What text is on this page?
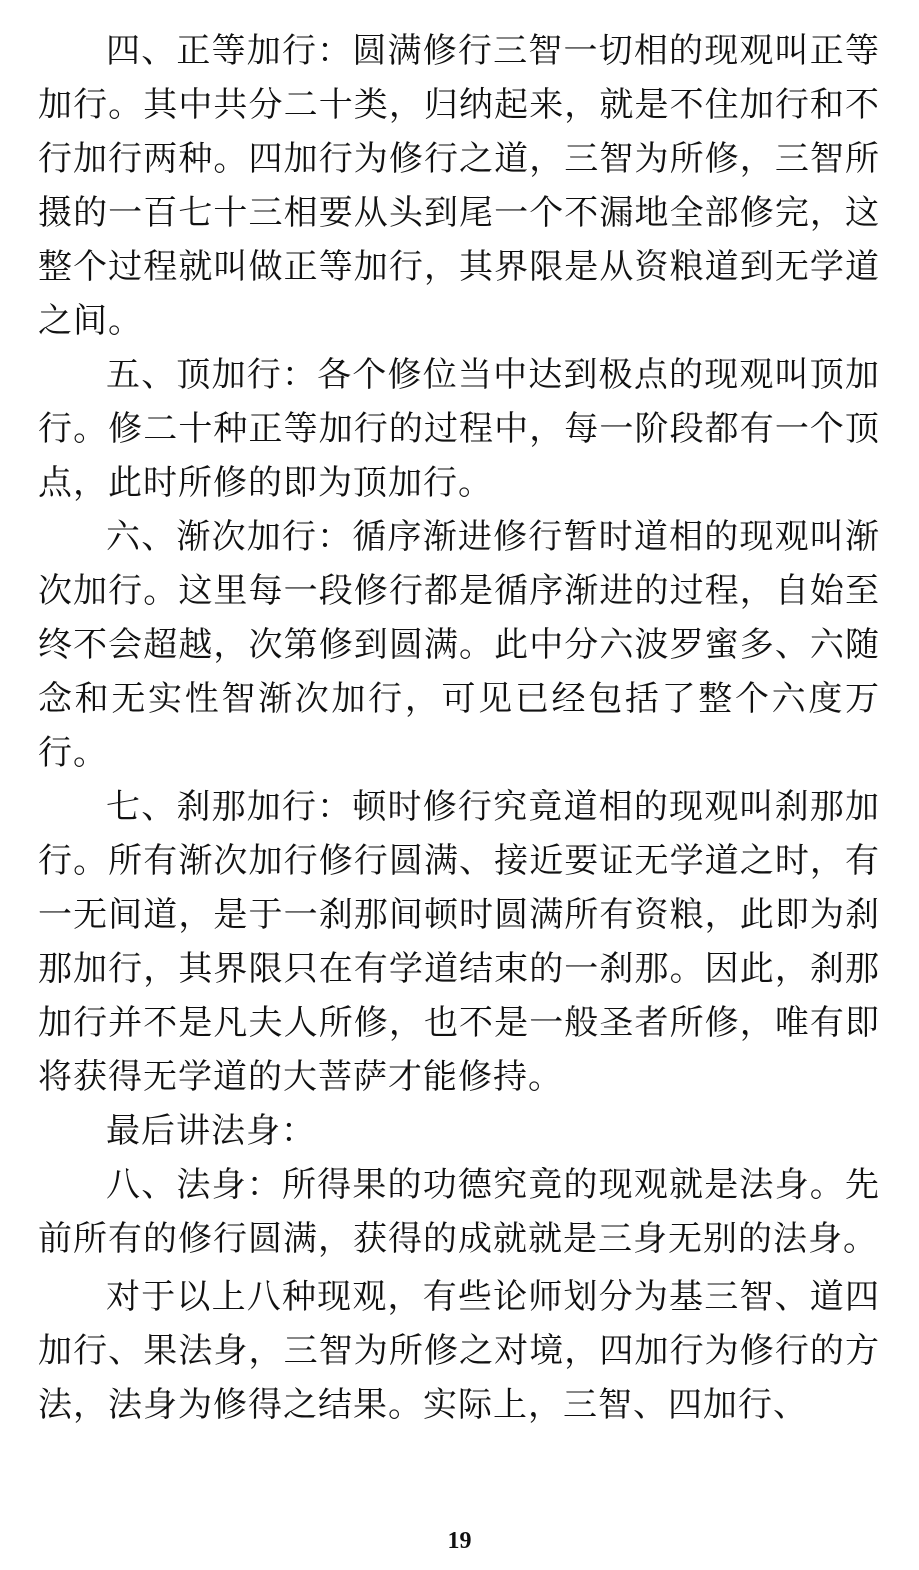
四、正等加行：圆满修行三智一切相的现观叫正等加行。其中共分二十类，归纳起来，就是不住加行和不行加行两种。四加行为修行之道，三智为所修，三智所摄的一百七十三相要从头到尾一个不漏地全部修完，这整个过程就叫做正等加行，其界限是从资粮道到无学道之间。

五、顶加行：各个修位当中达到极点的现观叫顶加行。修二十种正等加行的过程中，每一阶段都有一个顶点，此时所修的即为顶加行。

六、渐次加行：循序渐进修行暂时道相的现观叫渐次加行。这里每一段修行都是循序渐进的过程，自始至终不会超越，次第修到圆满。此中分六波罗蜜多、六随念和无实性智渐次加行，可见已经包括了整个六度万行。

七、刹那加行：顿时修行究竟道相的现观叫刹那加行。所有渐次加行修行圆满、接近要证无学道之时，有一无间道，是于一刹那间顿时圆满所有资粮，此即为刹那加行，其界限只在有学道结束的一刹那。因此，刹那加行并不是凡夫人所修，也不是一般圣者所修，唯有即将获得无学道的大菩萨才能修持。

最后讲法身：

八、法身：所得果的功德究竟的现观就是法身。先前所有的修行圆满，获得的成就就是三身无别的法身。

对于以上八种现观，有些论师划分为基三智、道四加行、果法身，三智为所修之对境，四加行为修行的方法，法身为修得之结果。实际上，三智、四加行、

19
